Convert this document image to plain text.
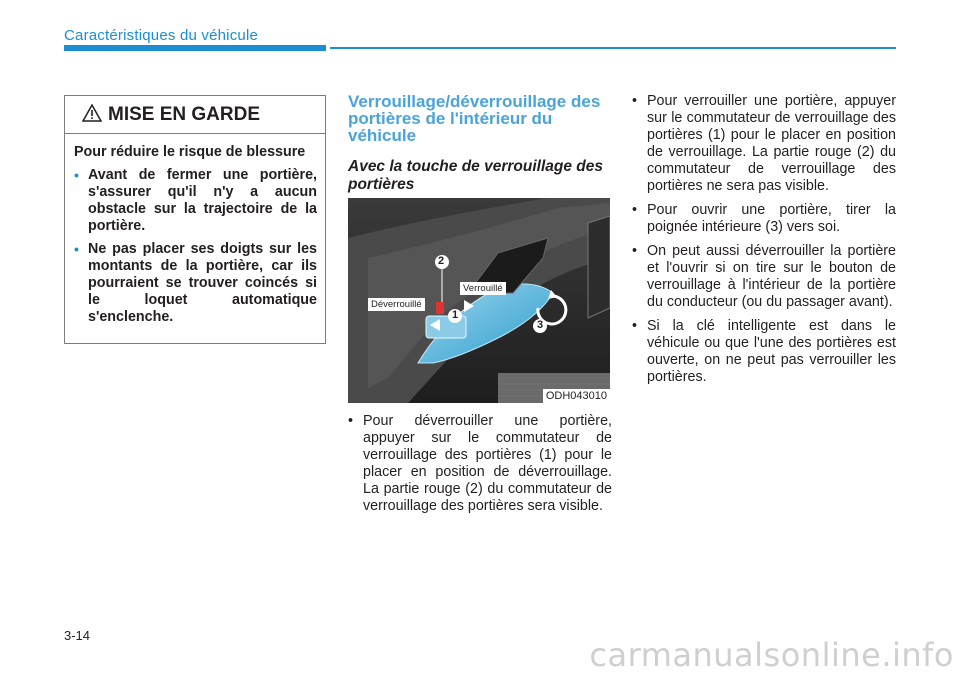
Caractéristiques du véhicule
MISE EN GARDE

Pour réduire le risque de blessure

• Avant de fermer une portière, s'assurer qu'il n'y a aucun obstacle sur la trajectoire de la portière.
• Ne pas placer ses doigts sur les montants de la portière, car ils pourraient se trouver coincés si le loquet automatique s'enclenche.

Verrouillage/déverrouillage des portières de l'intérieur du véhicule

Avec la touche de verrouillage des portières

Déverrouillé
Verrouillé
2
1
3
ODH043010
• Pour déverrouiller une portière, appuyer sur le commutateur de verrouillage des portières (1) pour le placer en position de déverrouillage. La partie rouge (2) du commutateur de verrouillage des portières sera visible.
• Pour verrouiller une portière, appuyer sur le commutateur de verrouillage des portières (1) pour le placer en position de verrouillage. La partie rouge (2) du commutateur de verrouillage des portières ne sera pas visible.
• Pour ouvrir une portière, tirer la poignée intérieure (3) vers soi.
• On peut aussi déverrouiller la portière et l'ouvrir si on tire sur le bouton de verrouillage à l'intérieur de la portière du conducteur (ou du passager avant).
• Si la clé intelligente est dans le véhicule ou que l'une des portières est ouverte, on ne peut pas verrouiller les portières.
3-14
carmanualsonline.info
